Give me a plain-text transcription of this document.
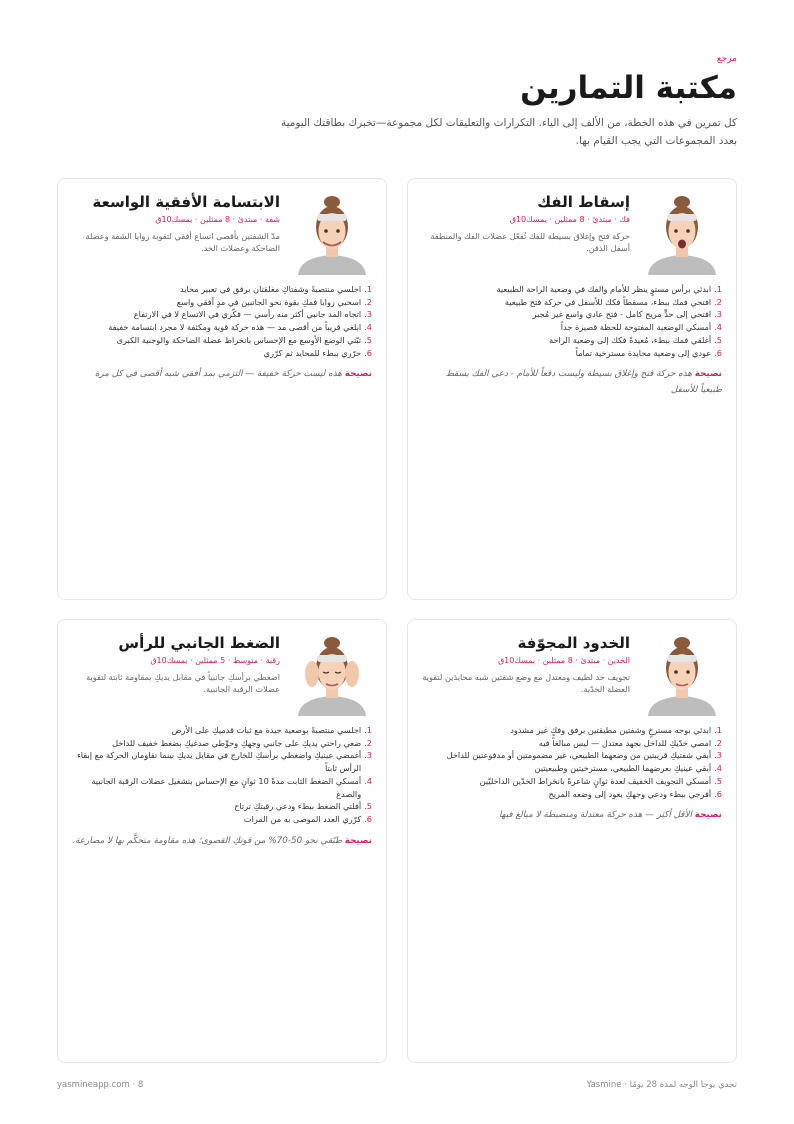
مرجع
مكتبة التمارين

كل تمرين في هذه الخطة، من الألف إلى الياء. التكرارات والتعليقات لكل مجموعة—تخبرك بطاقتك اليومية بعدد المجموعات التي يجب القيام بها.

إسقاط الفك
فك · مبتدئ · 8 ممثلين · يمسك10ق

حركة فتح وإغلاق بسيطة للفك تُفعّل عضلات الفك والمنطقة أسفل الذقن.

1.
ابدئي برأس مستوٍ ينظر للأمام والفك في وضعية الراحة الطبيعية
2.
افتحي فمك ببطء، مسقطاً فكك للأسفل في حركة فتح طبيعية
3.
افتحي إلى حدٍّ مريح كامل - فتح عادي واسع غير مُجبر
4.
أمسكي الوضعية المفتوحة للحظة قصيرة جداً
5.
أغلقي فمك ببطء، مُعيدةً فكك إلى وضعية الراحة
6.
عودي إلى وضعية محايدة مسترخية تماماً

نصيحة هذه حركة فتح وإغلاق بسيطة وليست دفعاً للأمام - دعي الفك يسقط طبيعياً للأسفل

الابتسامة الأفقية الواسعة
شفة · مبتدئ · 8 ممثلين · يمسك10ق

مدّ الشفتين بأقصى اتساع أفقي لتقوية زوايا الشفة وعضلة الضاحكة وعضلات الخد.

1.
اجلسي منتصبةً وشفتاكِ مغلقتان برفق في تعبير محايد
2.
اسحبي زوايا فمكِ بقوة نحو الجانبين في مدٍ أفقي واسع
3.
اتجاه المد جانبي أكثر منه رأسي — فكّري في الاتساع لا في الارتفاع
4.
ابلغي قريباً من أقصى مد — هذه حركة قوية ومكثفة لا مجرد ابتسامة خفيفة
5.
ثبّتي الوضع الأوسع مع الإحساس بانخراط عضلة الضاحكة والوجنية الكبرى
6.
حرّري ببطء للمحايد ثم كرّري

نصيحة هذه ليست حركة خفيفة — التزمي بمد أفقي شبه أقصى في كل مرة

الخدود المجوّفة
الخدين · مبتدئ · 8 ممثلين · يمسك10ق

تجويف خد لطيف ومعتدل مع وضع شفتين شبه محايدَين لتقوية العضلة الخدّية.

1.
ابدئي بوجه مسترخٍ وشفتين مطبقتين برفق وفكٍ غير مشدود
2.
امصي خدّيكِ للداخل بجهد معتدل — ليس مبالغاً فيه
3.
أبقي شفتيكِ قريبتين من وضعهما الطبيعي، غير مضمومتين أو مدفوعتين للداخل
4.
أبقي عينيكِ بعرضهما الطبيعي، مسترخيتين وطبيعيتين
5.
أمسكي التجويف الخفيف لعدة ثوانٍ شاعرةً بانخراط الخدّين الداخليّين
6.
أفرجي ببطء ودعي وجهكِ يعود إلى وضعه المريح

نصيحة الأقل أكثر — هذه حركة معتدلة ومنضبطة لا مبالغ فيها

الضغط الجانبي للرأس
رقبة · متوسط · 5 ممثلين · يمسك10ق

اضغطي برأسكِ جانبياً في مقابل يديكِ بمقاومة ثابتة لتقوية عضلات الرقبة الجانبية.

1.
اجلسي منتصبةً بوضعية جيدة مع ثبات قدميكِ على الأرض
2.
ضعي راحتي يديكِ على جانبي وجهكِ وحوِّطي صدغيكِ بضغط خفيف للداخل
3.
أغمضي عينيكِ واضغطي برأسكِ للخارج في مقابل يديكِ بينما تقاومان الحركة مع إبقاء الرأس ثابتاً
4.
أمسكي الضغط الثابت مدةً 10 ثوانٍ مع الإحساس بتشغيل عضلات الرقبة الجانبية والصدغ
5.
أفلتي الضغط ببطء ودعي رقبتكِ ترتاح
6.
كرّري العدد الموصى به من المرات

نصيحة طبّقي نحو 50-70% من قوتكِ القصوى؛ هذه مقاومة متحكَّم بها لا مصارعة.

تحدي يوجا الوجه لمدة 28 يومًا · Yasmine
yasmineapp.com · 8
